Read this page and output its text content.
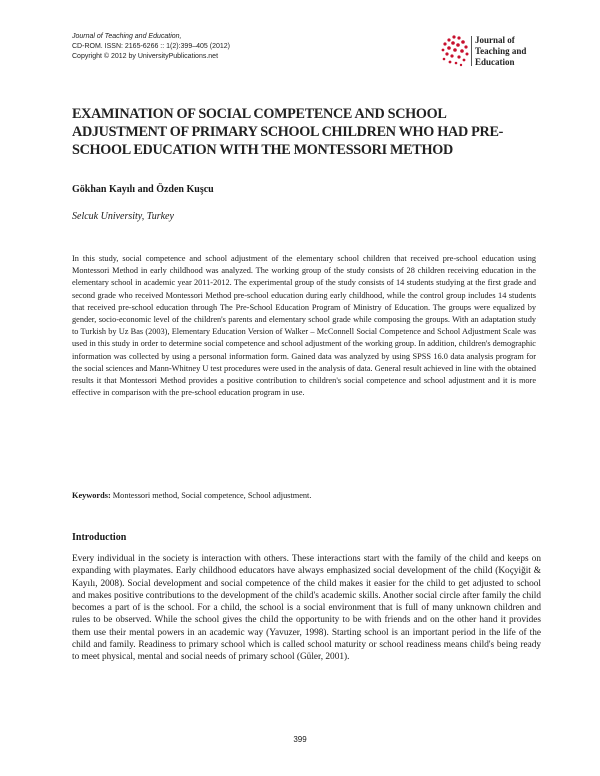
Journal of Teaching and Education,
CD-ROM. ISSN: 2165-6266 :: 1(2):399–405 (2012)
Copyright © 2012 by UniversityPublications.net
Journal of
Teaching and
Education
EXAMINATION OF SOCIAL COMPETENCE AND SCHOOL ADJUSTMENT OF PRIMARY SCHOOL CHILDREN WHO HAD PRE-SCHOOL EDUCATION WITH THE MONTESSORI METHOD
Gökhan Kayılı and Özden Kuşcu
Selcuk University, Turkey

In this study, social competence and school adjustment of the elementary school children that received pre-school education using Montessori Method in early childhood was analyzed. The working group of the study consists of 28 children receiving education in the elementary school in academic year 2011-2012. The experimental group of the study consists of 14 students studying at the first grade and second grade who received Montessori Method pre-school education during early childhood, while the control group includes 14 students that received pre-school education through The Pre-School Education Program of Ministry of Education. The groups were equalized by gender, socio-economic level of the children's parents and elementary school grade while composing the groups. With an adaptation study to Turkish by Uz Bas (2003), Elementary Education Version of Walker – McConnell Social Competence and School Adjustment Scale was used in this study in order to determine social competence and school adjustment of the working group. In addition, children's demographic information was collected by using a personal information form. Gained data was analyzed by using SPSS 16.0 data analysis program for the social sciences and Mann-Whitney U test procedures were used in the analysis of data. General result achieved in line with the obtained results it that Montessori Method provides a positive contribution to children's social competence and school adjustment and it is more effective in comparison with the pre-school education program in use.

Keywords: Montessori method, Social competence, School adjustment.
Introduction

Every individual in the society is interaction with others. These interactions start with the family of the child and keeps on expanding with playmates. Early childhood educators have always emphasized social development of the child (Koçyiğit & Kayılı, 2008). Social development and social competence of the child makes it easier for the child to get adjusted to school and makes positive contributions to the development of the child's academic skills. Another social circle after family the child becomes a part of is the school. For a child, the school is a social environment that is full of many unknown children and rules to be observed. While the school gives the child the opportunity to be with friends and on the other hand it provides them use their mental powers in an academic way (Yavuzer, 1998). Starting school is an important period in the life of the child and family. Readiness to primary school which is called school maturity or school readiness means child's being ready to meet physical, mental and social needs of primary school (Güler, 2001).

399
